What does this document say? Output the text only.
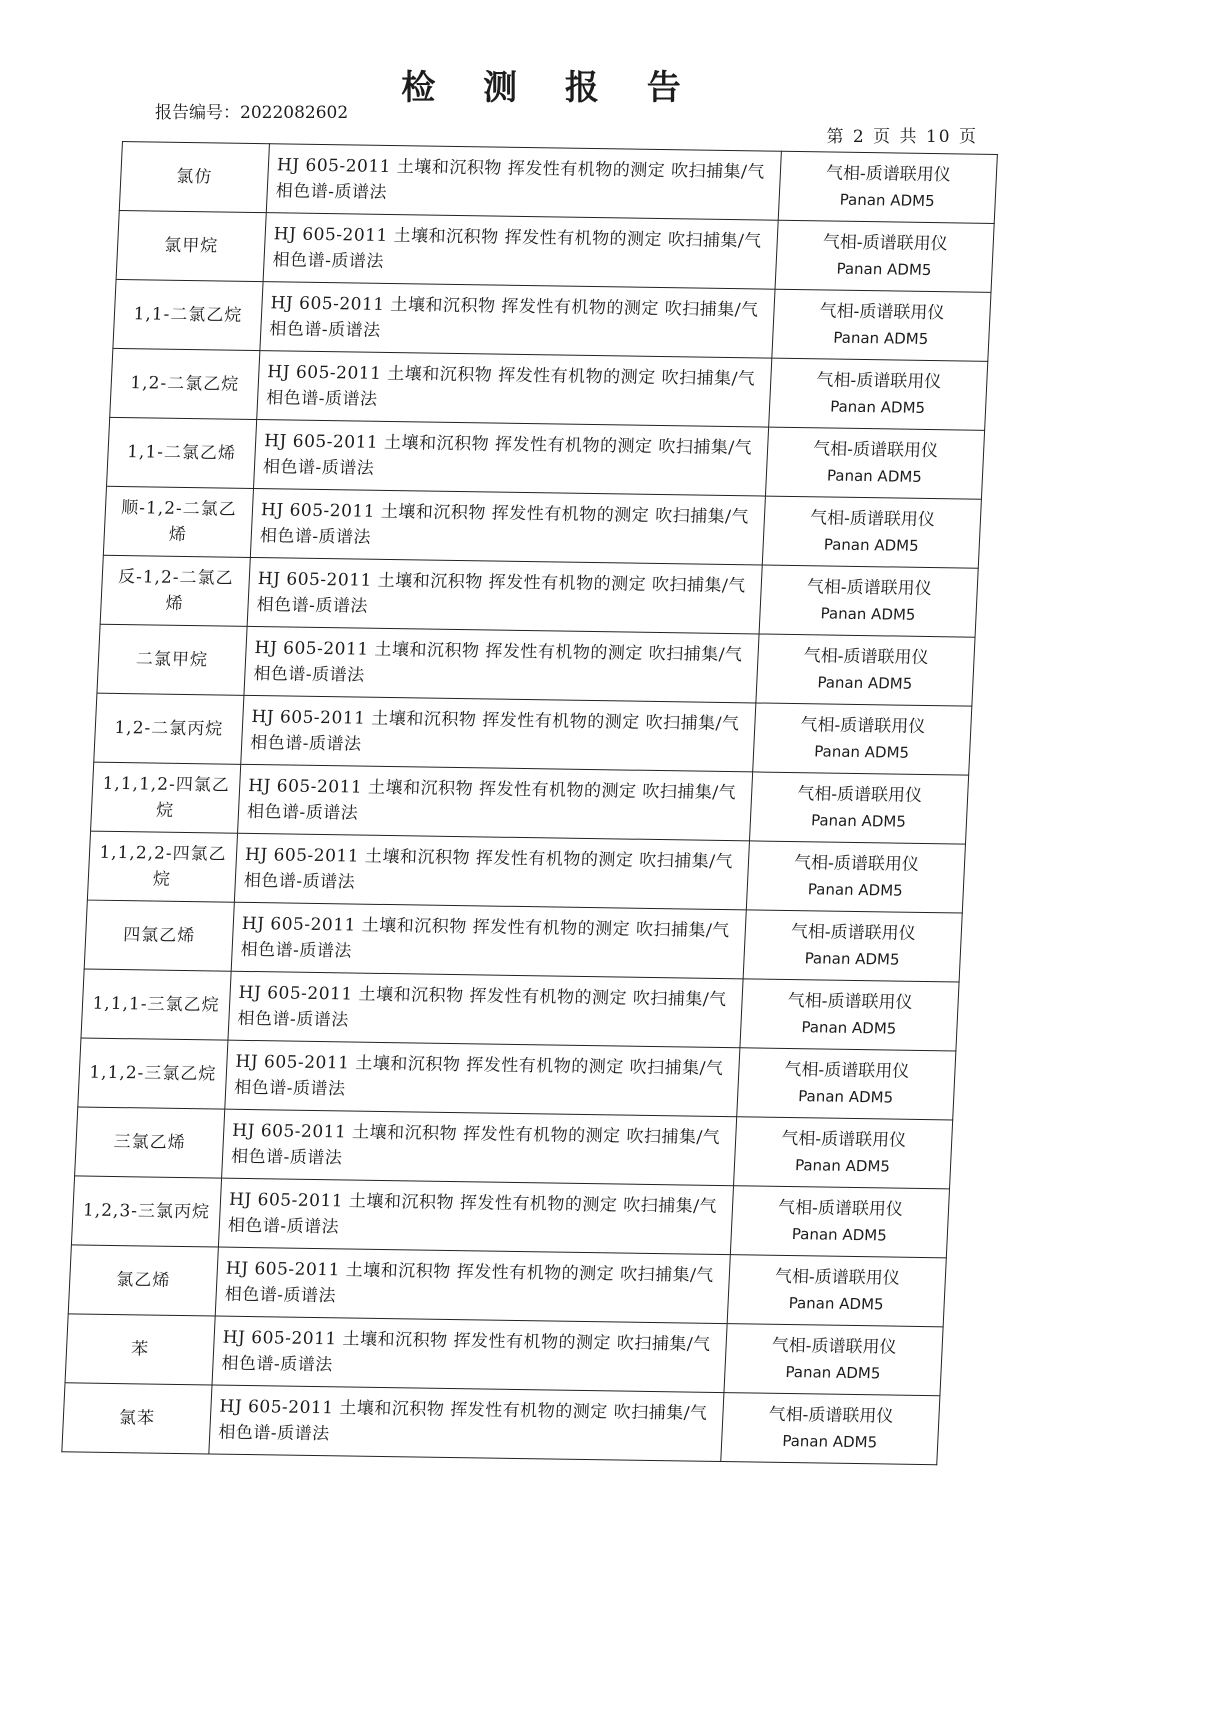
检 测 报 告
报告编号：2022082602
第 2 页 共 10 页
氯仿	HJ 605-2011 土壤和沉积物 挥发性有机物的测定 吹扫捕集/气相色谱-质谱法	气相-质谱联用仪
Panan ADM5

氯甲烷	HJ 605-2011 土壤和沉积物 挥发性有机物的测定 吹扫捕集/气相色谱-质谱法	气相-质谱联用仪
Panan ADM5

1,1-二氯乙烷	HJ 605-2011 土壤和沉积物 挥发性有机物的测定 吹扫捕集/气相色谱-质谱法	气相-质谱联用仪
Panan ADM5

1,2-二氯乙烷	HJ 605-2011 土壤和沉积物 挥发性有机物的测定 吹扫捕集/气相色谱-质谱法	气相-质谱联用仪
Panan ADM5

1,1-二氯乙烯	HJ 605-2011 土壤和沉积物 挥发性有机物的测定 吹扫捕集/气相色谱-质谱法	气相-质谱联用仪
Panan ADM5

顺-1,2-二氯乙烯	HJ 605-2011 土壤和沉积物 挥发性有机物的测定 吹扫捕集/气相色谱-质谱法	气相-质谱联用仪
Panan ADM5

反-1,2-二氯乙烯	HJ 605-2011 土壤和沉积物 挥发性有机物的测定 吹扫捕集/气相色谱-质谱法	气相-质谱联用仪
Panan ADM5

二氯甲烷	HJ 605-2011 土壤和沉积物 挥发性有机物的测定 吹扫捕集/气相色谱-质谱法	气相-质谱联用仪
Panan ADM5

1,2-二氯丙烷	HJ 605-2011 土壤和沉积物 挥发性有机物的测定 吹扫捕集/气相色谱-质谱法	气相-质谱联用仪
Panan ADM5

1,1,1,2-四氯乙烷	HJ 605-2011 土壤和沉积物 挥发性有机物的测定 吹扫捕集/气相色谱-质谱法	气相-质谱联用仪
Panan ADM5

1,1,2,2-四氯乙烷	HJ 605-2011 土壤和沉积物 挥发性有机物的测定 吹扫捕集/气相色谱-质谱法	气相-质谱联用仪
Panan ADM5

四氯乙烯	HJ 605-2011 土壤和沉积物 挥发性有机物的测定 吹扫捕集/气相色谱-质谱法	气相-质谱联用仪
Panan ADM5

1,1,1-三氯乙烷	HJ 605-2011 土壤和沉积物 挥发性有机物的测定 吹扫捕集/气相色谱-质谱法	气相-质谱联用仪
Panan ADM5

1,1,2-三氯乙烷	HJ 605-2011 土壤和沉积物 挥发性有机物的测定 吹扫捕集/气相色谱-质谱法	气相-质谱联用仪
Panan ADM5

三氯乙烯	HJ 605-2011 土壤和沉积物 挥发性有机物的测定 吹扫捕集/气相色谱-质谱法	气相-质谱联用仪
Panan ADM5

1,2,3-三氯丙烷	HJ 605-2011 土壤和沉积物 挥发性有机物的测定 吹扫捕集/气相色谱-质谱法	气相-质谱联用仪
Panan ADM5

氯乙烯	HJ 605-2011 土壤和沉积物 挥发性有机物的测定 吹扫捕集/气相色谱-质谱法	气相-质谱联用仪
Panan ADM5

苯	HJ 605-2011 土壤和沉积物 挥发性有机物的测定 吹扫捕集/气相色谱-质谱法	气相-质谱联用仪
Panan ADM5

氯苯	HJ 605-2011 土壤和沉积物 挥发性有机物的测定 吹扫捕集/气相色谱-质谱法	气相-质谱联用仪
Panan ADM5
